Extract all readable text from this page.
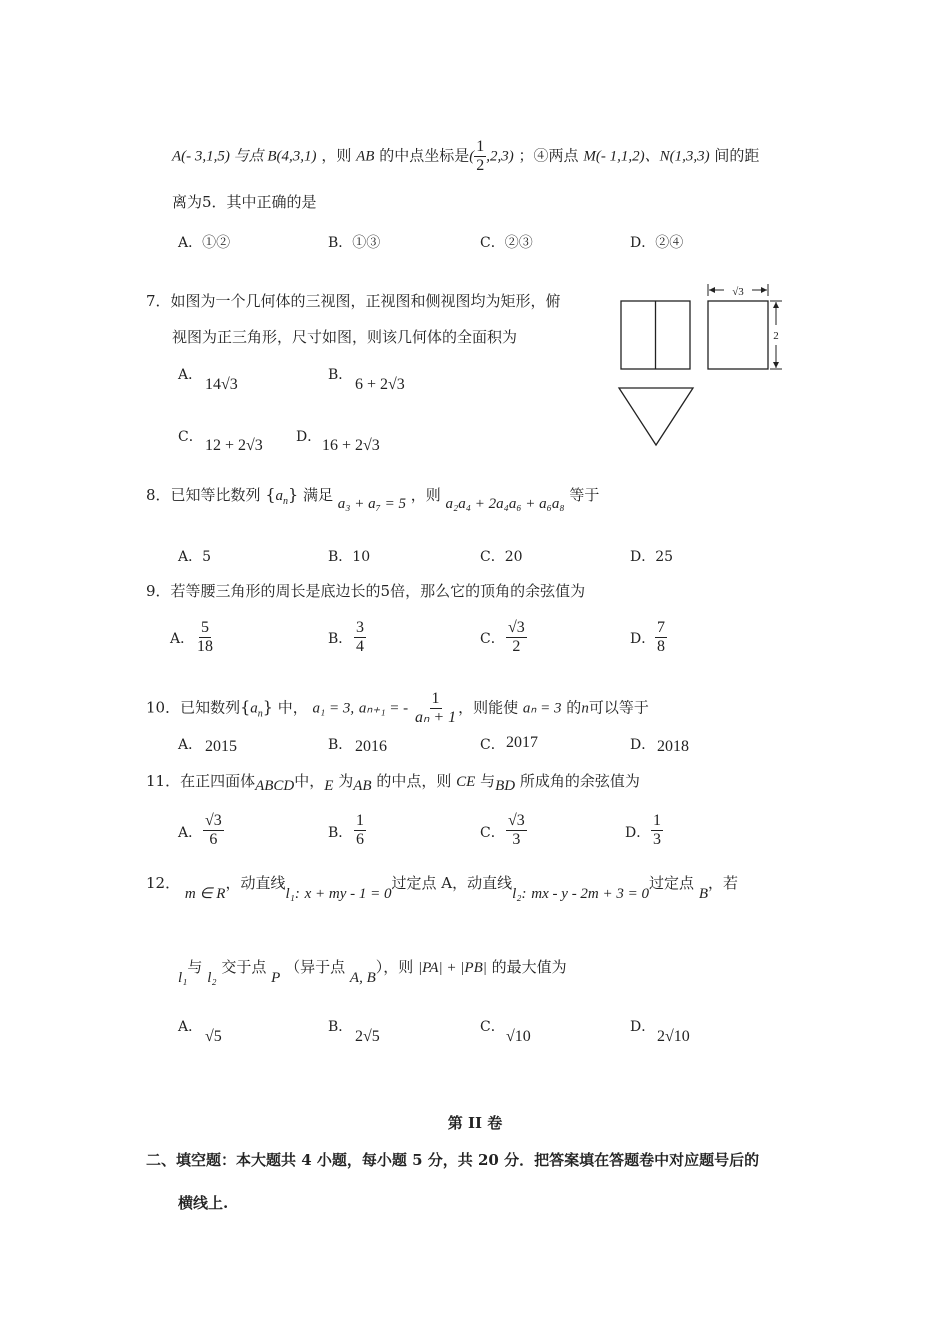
A(- 3,1,5) 与点 B(4,3,1) ，则 AB 的中点坐标是( $\frac{1}{2} ,2,3$) ；④两点 M(- 1,1,2)、N(1,3,3) 间的距
离为5．其中正确的是
A．①②	B．①③	C．②③	D．②④
7．如图为一个几何体的三视图，正视图和侧视图均为矩形，俯
视图为正三角形，尺寸如图，则该几何体的全面积为
A．
14√3
B．
6 + 2√3
C． 12 + 2√3 D． 16 + 2√3
√3
2
8．已知等比数列 $\{a_n\}$ 满足 a₃ + a₇ = 5 ，则 a₂a₄ + 2a₄a₆ + a₆a₈ 等于
A．5	B．10	C．20	D．25
9．若等腰三角形的周长是底边长的5倍，那么它的顶角的余弦值为
A． $\frac{5}{18}$	B． $\frac{3}{4}$	C． $\frac{√3}{2}$	D． $\frac{7}{8}$
10．已知数列$\{a_n\}$ 中， a₁ = 3, aₙ₊₁ = - $\frac{1}{\text{aₙ + 1}}$ ，则能使 aₙ = 3 的n可以等于
A． 2015	B． 2016	C． 2017	D． 2018
11．在正四面体ABCD中，E 为AB 的中点，则 CE 与BD 所成角的余弦值为
A． $\frac{√3}{6}$	B． $\frac{1}{6}$	C． $\frac{√3}{3}$	D． $\frac{1}{3}$
12． m ∈ R，动直线l₁: x + my - 1 = 0过定点 A，动直线l₂: mx - y - 2m + 3 = 0过定点 B，若
l₁与 l₂ 交于点 P （异于点 A, B），则 |PA| + |PB| 的最大值为
A．
√5
B．
2√5
C．
√10
D．
2√10
第 II 卷
二、填空题：本大题共 4 小题，每小题 5 分，共 20 分．把答案填在答题卷中对应题号后的
横线上.
